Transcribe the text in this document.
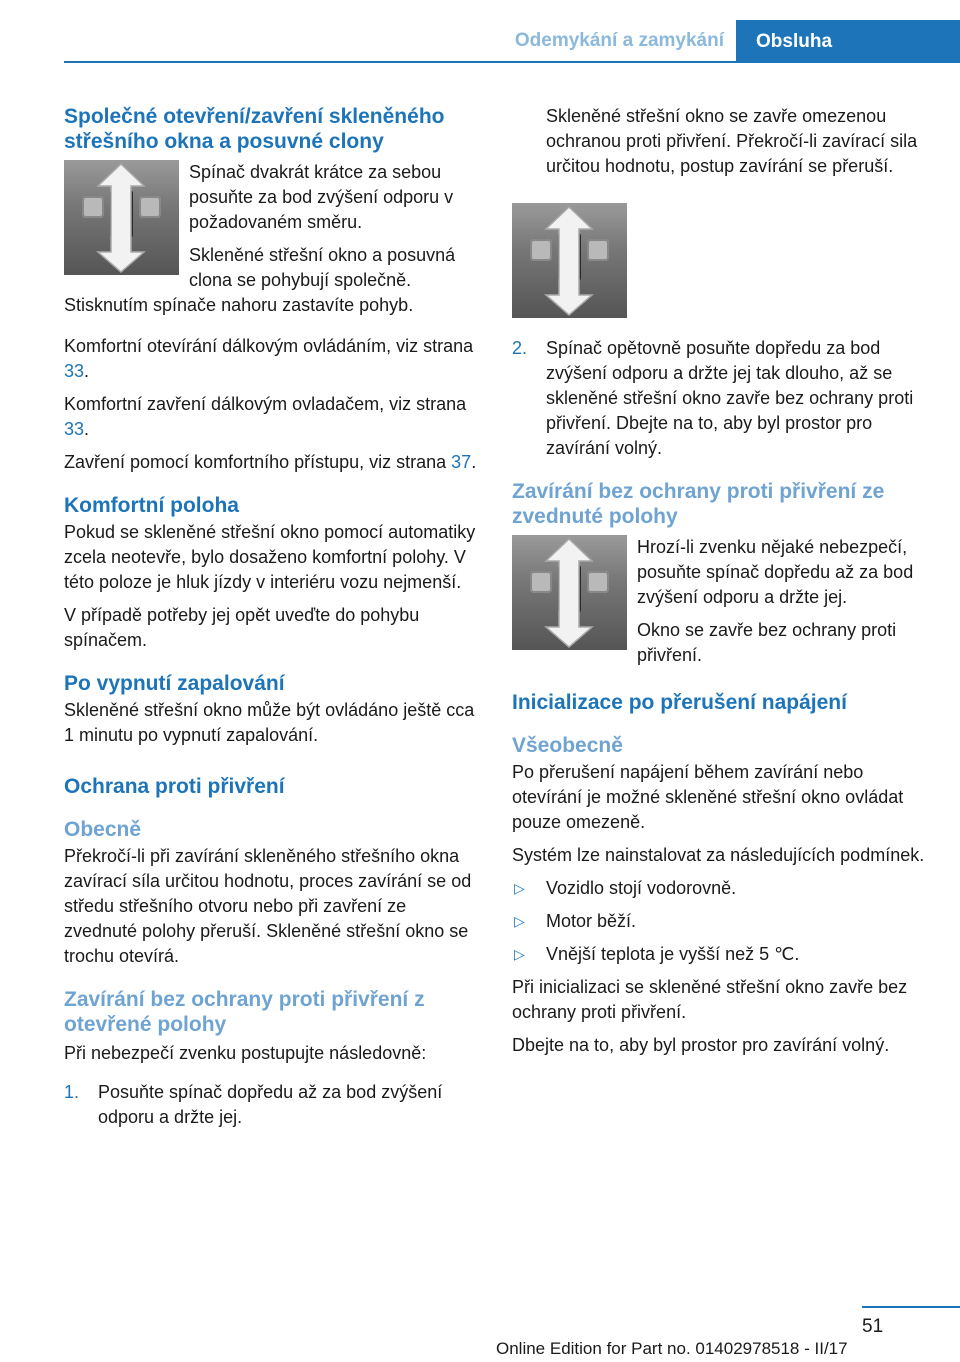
Odemykání a zamykání	Obsluha
Společné otevření/zavření skleněného střešního okna a posuvné clony

Spínač dvakrát krátce za sebou posuňte za bod zvýšení odporu v požadovaném směru.

Skleněné střešní okno a posuvná clona se pohybují společně. Stisknutím spínače nahoru zastavíte pohyb.

Komfortní otevírání dálkovým ovládáním, viz strana 33.

Komfortní zavření dálkovým ovladačem, viz strana 33.

Zavření pomocí komfortního přístupu, viz strana 37.

Komfortní poloha

Pokud se skleněné střešní okno pomocí automatiky zcela neotevře, bylo dosaženo komfortní polohy. V této poloze je hluk jízdy v interiéru vozu nejmenší.

V případě potřeby jej opět uveďte do pohybu spínačem.

Po vypnutí zapalování

Skleněné střešní okno může být ovládáno ještě cca 1 minutu po vypnutí zapalování.

Ochrana proti přivření
Obecně

Překročí-li při zavírání skleněného střešního okna zavírací síla určitou hodnotu, proces zavírání se od středu střešního otvoru nebo při zavření ze zvednuté polohy přeruší. Skleněné střešní okno se trochu otevírá.

Zavírání bez ochrany proti přivření z otevřené polohy

Při nebezpečí zvenku postupujte následovně:

1. Posuňte spínač dopředu až za bod zvýšení odporu a držte jej.
Skleněné střešní okno se zavře omezenou ochranou proti přivření. Překročí-li zavírací sila určitou hodnotu, postup zavírání se přeruší.
2. Spínač opětovně posuňte dopředu za bod zvýšení odporu a držte jej tak dlouho, až se skleněné střešní okno zavře bez ochrany proti přivření. Dbejte na to, aby byl prostor pro zavírání volný.
Zavírání bez ochrany proti přivření ze zvednuté polohy

Hrozí-li zvenku nějaké nebezpečí, posuňte spínač dopředu až za bod zvýšení odporu a držte jej.

Okno se zavře bez ochrany proti přivření.

Inicializace po přerušení napájení
Všeobecně

Po přerušení napájení během zavírání nebo otevírání je možné skleněné střešní okno ovládat pouze omezeně.

Systém lze nainstalovat za následujících podmínek.

▷ Vozidlo stojí vodorovně.
▷ Motor běží.
▷ Vnější teplota je vyšší než 5 ℃.

Při inicializaci se skleněné střešní okno zavře bez ochrany proti přivření.

Dbejte na to, aby byl prostor pro zavírání volný.

51
Online Edition for Part no. 01402978518 - II/17
